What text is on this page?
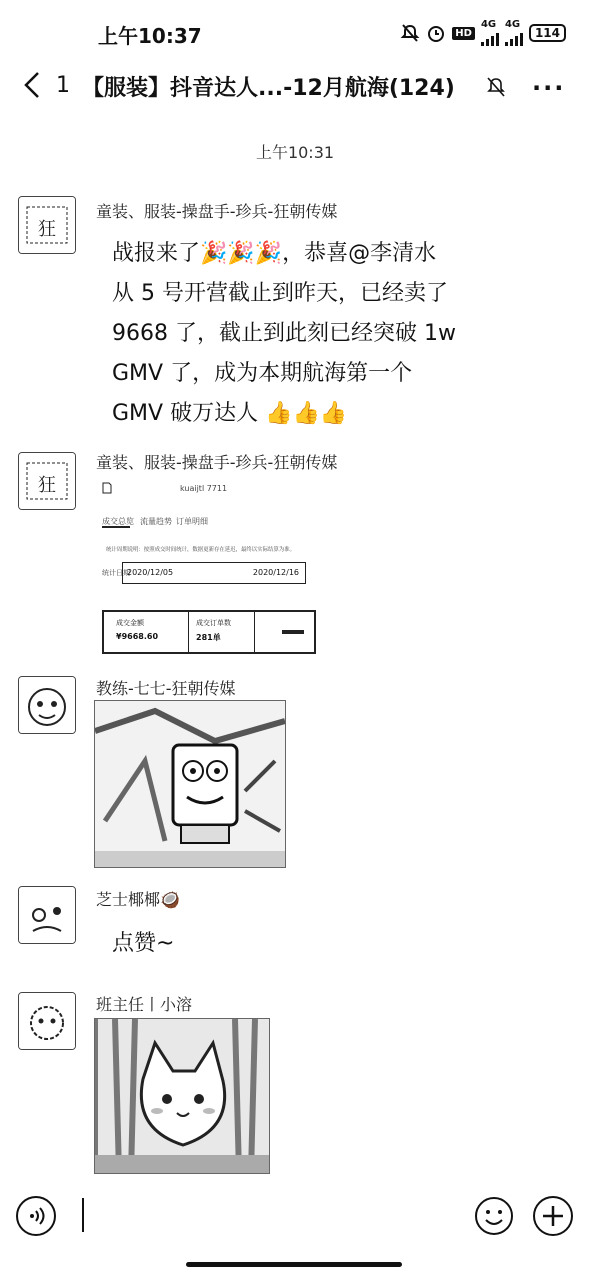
上午10:37	HD
4G 4G
114
1 【服装】抖音达人...-12月航海(124)	···
上午10:31
狂
童装、服装-操盘手-珍兵-狂朝传媒
战报来了🎉🎉🎉，恭喜@李清水
从 5 号开营截止到昨天，已经卖了
9668 了，截止到此刻已经突破 1w
GMV 了，成为本期航海第一个
GMV 破万达人 👍👍👍
狂
童装、服装-操盘手-珍兵-狂朝传媒
kuaijtl 7711
成交总览 流量趋势 订单明细
统计周期说明：按照成交时间统计，数据更新存在延迟，最终以实际结算为准。
统计日期
2020/12/05	2020/12/16
成交金额
¥9668.60
成交订单数
281单
教练-七七-狂朝传媒
芝士椰椰🥥
点赞~
班主任丨小溶
